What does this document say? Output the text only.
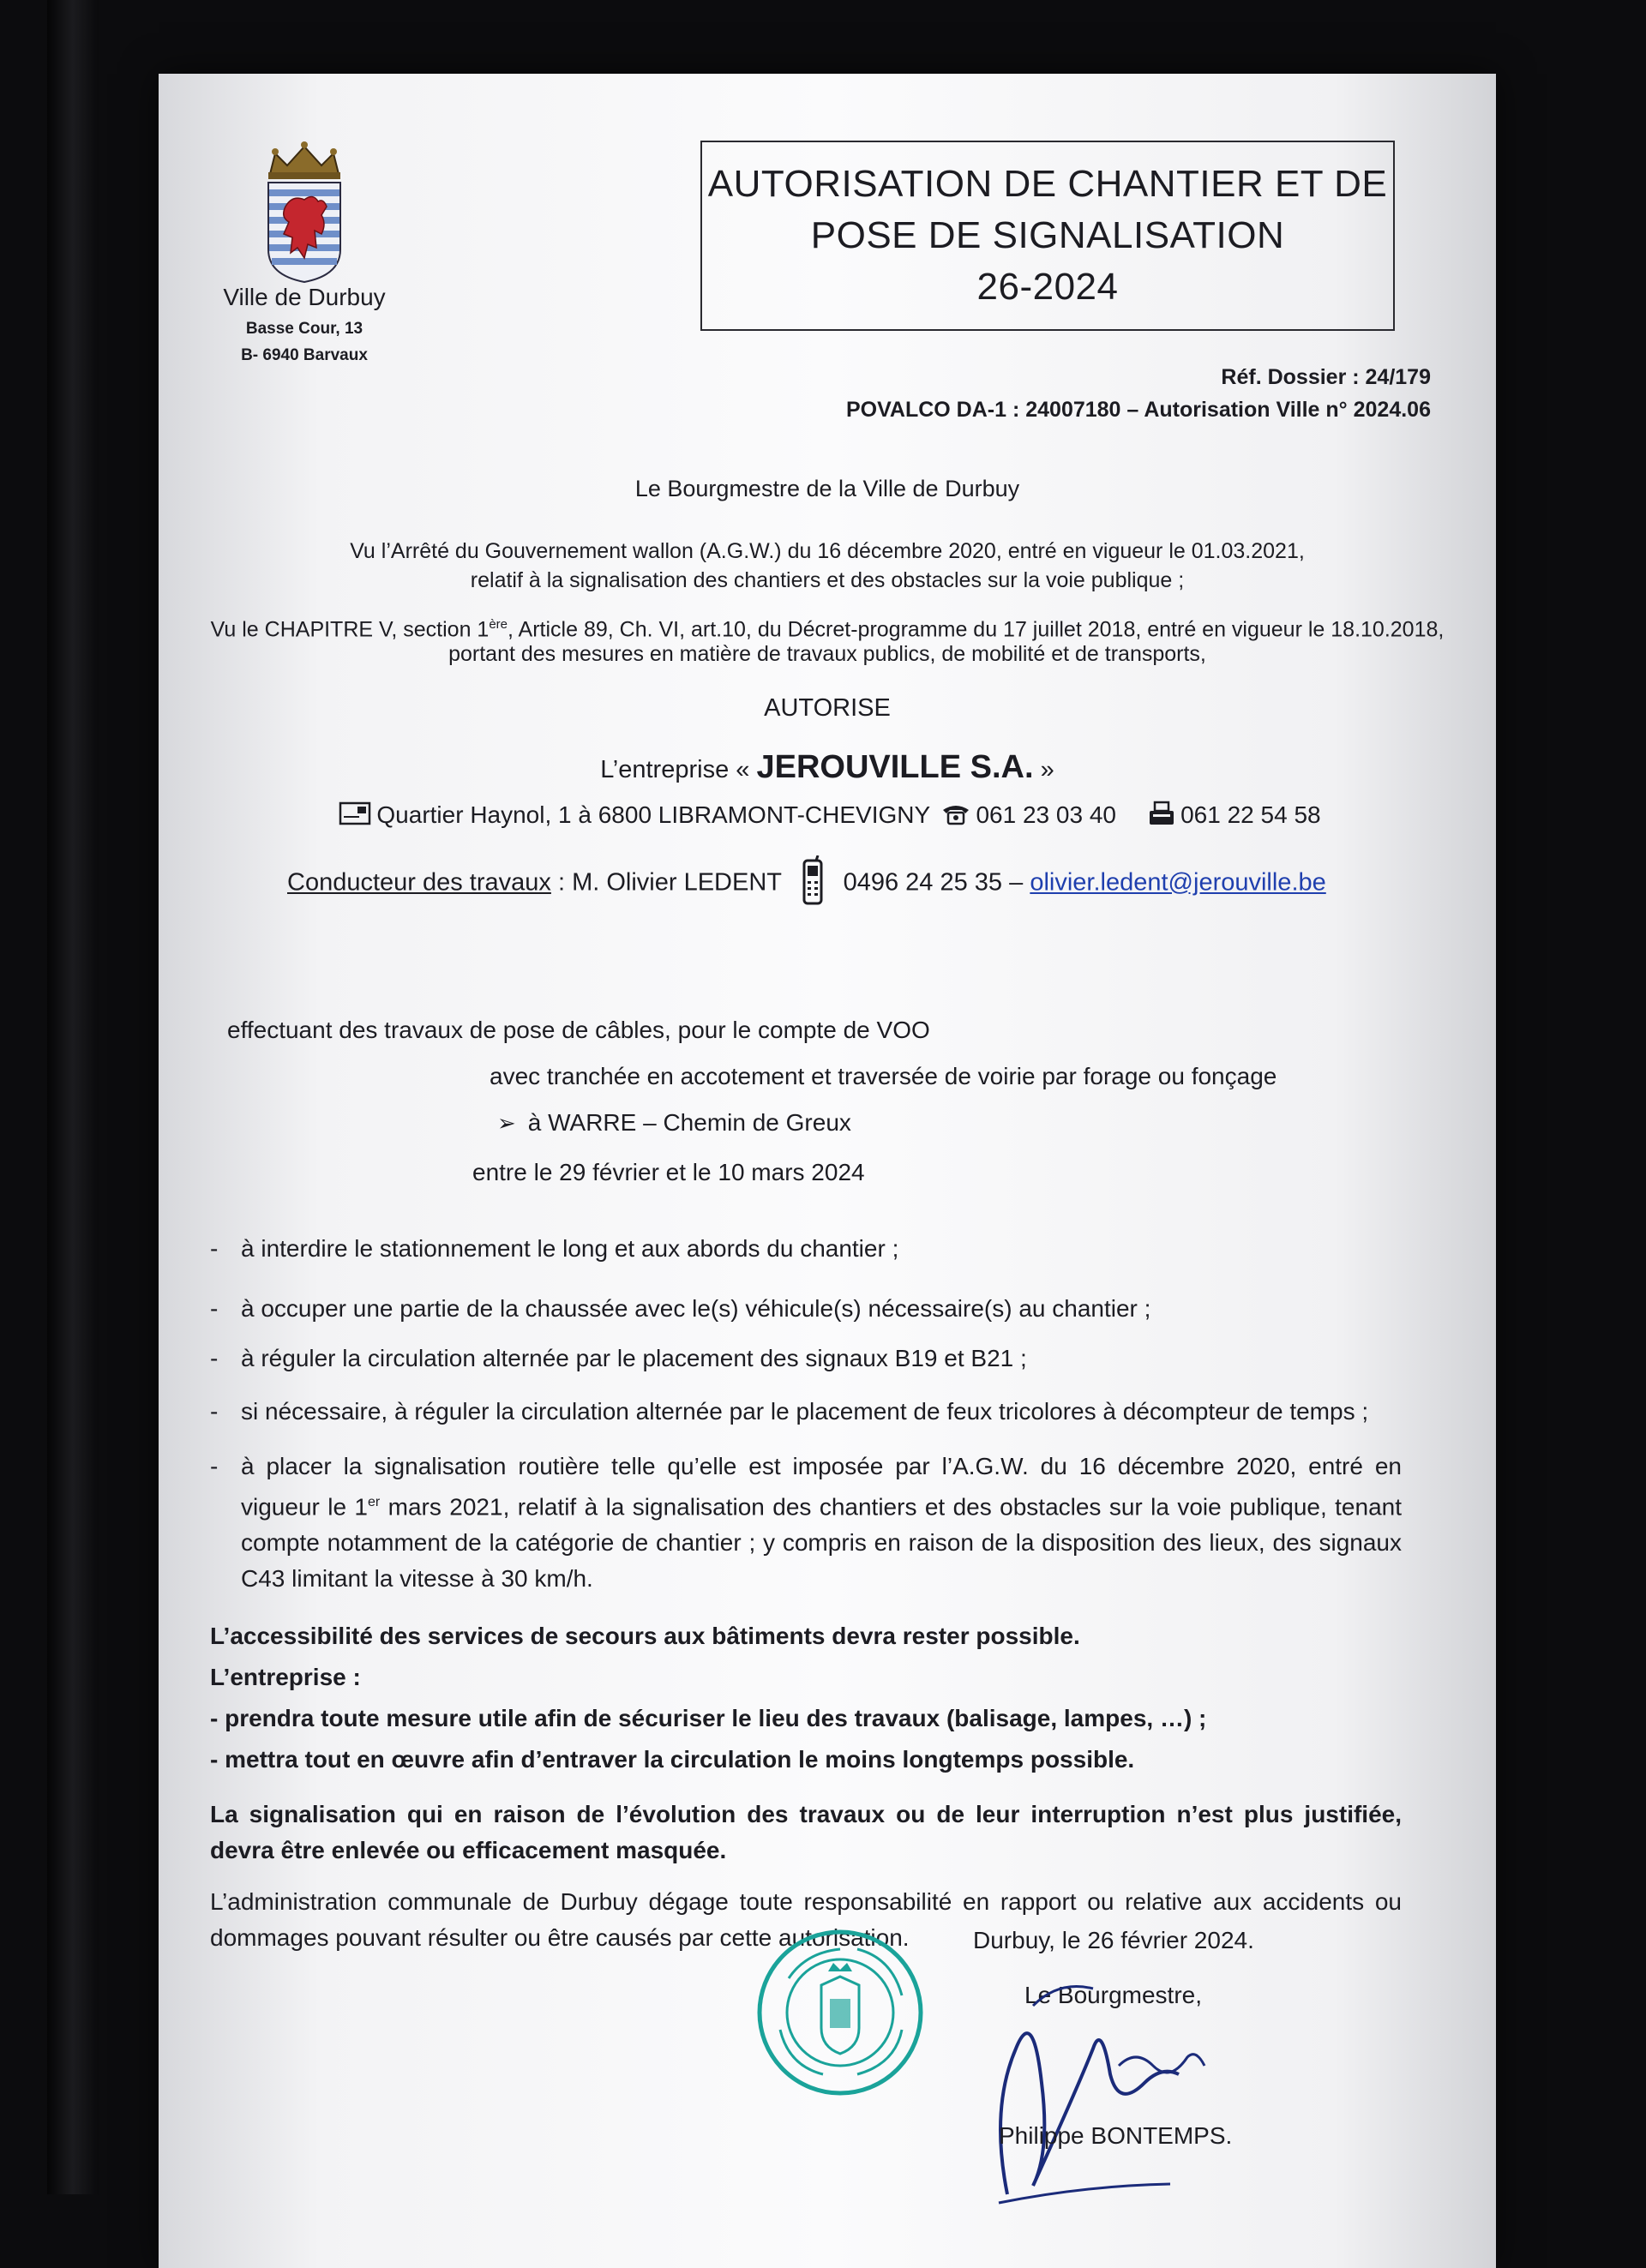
Ville de Durbuy
Basse Cour, 13
B- 6940 Barvaux
AUTORISATION DE CHANTIER ET DE
POSE DE SIGNALISATION
26-2024
Réf. Dossier : 24/179
POVALCO DA-1 : 24007180 – Autorisation Ville n° 2024.06
Le Bourgmestre de la Ville de Durbuy
Vu l’Arrêté du Gouvernement wallon (A.G.W.) du 16 décembre 2020, entré en vigueur le 01.03.2021,
relatif à la signalisation des chantiers et des obstacles sur la voie publique ;
Vu le CHAPITRE V, section 1ère, Article 89, Ch. VI, art.10, du Décret-programme du 17 juillet 2018, entré en vigueur le 18.10.2018,
portant des mesures en matière de travaux publics, de mobilité et de transports,
AUTORISE
L’entreprise « JEROUVILLE S.A. »
Quartier Haynol, 1 à 6800 LIBRAMONT-CHEVIGNY 061 23 03 40	061 22 54 58
Conducteur des travaux : M. Olivier LEDENT 0496 24 25 35 – olivier.ledent@jerouville.be
effectuant des travaux de pose de câbles, pour le compte de VOO
avec tranchée en accotement et traversée de voirie par forage ou fonçage
➢ à WARRE – Chemin de Greux
entre le 29 février et le 10 mars 2024
- à interdire le stationnement le long et aux abords du chantier ;
- à occuper une partie de la chaussée avec le(s) véhicule(s) nécessaire(s) au chantier ;
- à réguler la circulation alternée par le placement des signaux B19 et B21 ;
- si nécessaire, à réguler la circulation alternée par le placement de feux tricolores à décompteur de temps ;
- à placer la signalisation routière telle qu’elle est imposée par l’A.G.W. du 16 décembre 2020, entré en vigueur le 1er mars 2021, relatif à la signalisation des chantiers et des obstacles sur la voie publique, tenant compte notamment de la catégorie de chantier ; y compris en raison de la disposition des lieux, des signaux C43 limitant la vitesse à 30 km/h.
L’accessibilité des services de secours aux bâtiments devra rester possible.
L’entreprise :
- prendra toute mesure utile afin de sécuriser le lieu des travaux (balisage, lampes, …) ;
- mettra tout en œuvre afin d’entraver la circulation le moins longtemps possible.
La signalisation qui en raison de l’évolution des travaux ou de leur interruption n’est plus justifiée, devra être enlevée ou efficacement masquée.
L’administration communale de Durbuy dégage toute responsabilité en rapport ou relative aux accidents ou dommages pouvant résulter ou être causés par cette autorisation.	Durbuy, le 26 février 2024.
Le Bourgmestre,
Philippe BONTEMPS.
